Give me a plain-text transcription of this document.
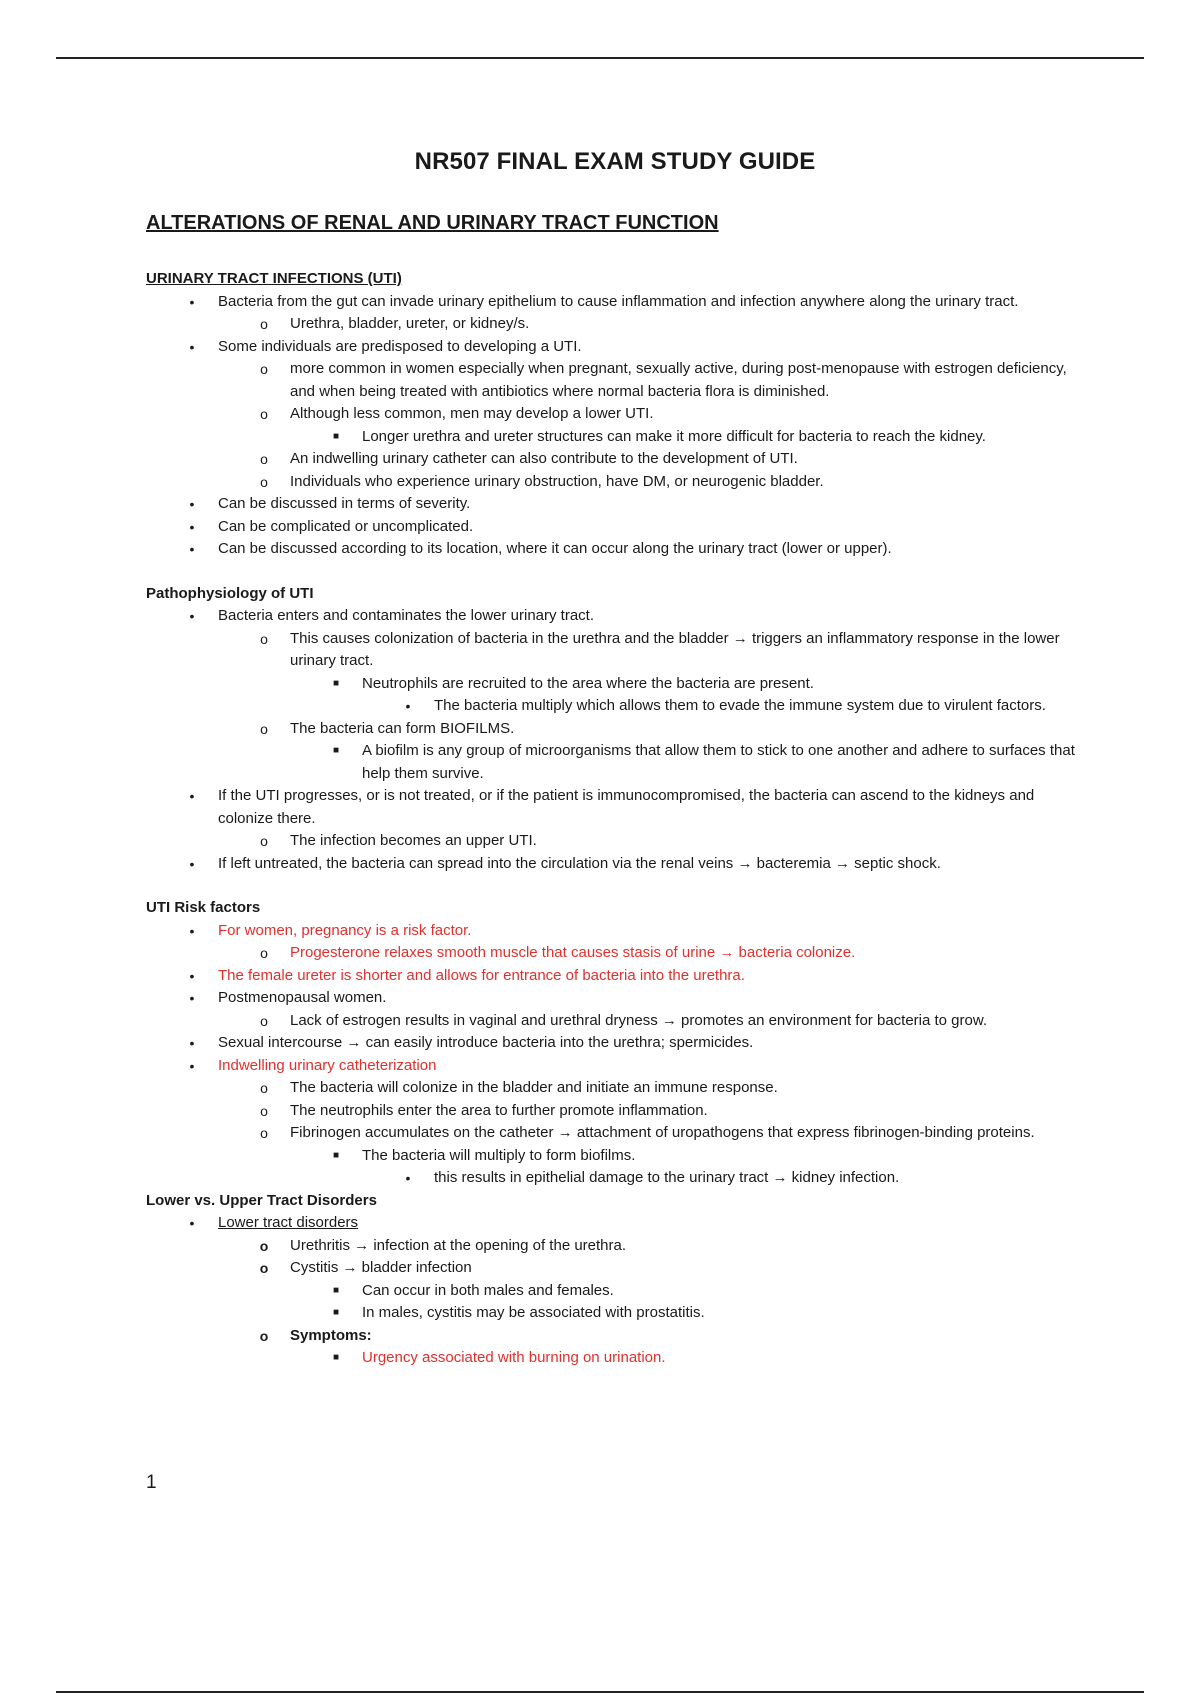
NR507 FINAL EXAM STUDY GUIDE
ALTERATIONS OF RENAL AND URINARY TRACT FUNCTION

URINARY TRACT INFECTIONS (UTI)

•	Bacteria from the gut can invade urinary epithelium to cause inflammation and infection anywhere along the urinary tract.
o	Urethra, bladder, ureter, or kidney/s.
•	Some individuals are predisposed to developing a UTI.
o	more common in women especially when pregnant, sexually active, during post-menopause with estrogen deficiency, and when being treated with antibiotics where normal bacteria flora is diminished.
o	Although less common, men may develop a lower UTI.
■	Longer urethra and ureter structures can make it more difficult for bacteria to reach the kidney.
o	An indwelling urinary catheter can also contribute to the development of UTI.
o	Individuals who experience urinary obstruction, have DM, or neurogenic bladder.
•	Can be discussed in terms of severity.
•	Can be complicated or uncomplicated.
•	Can be discussed according to its location, where it can occur along the urinary tract (lower or upper).

Pathophysiology of UTI

•	Bacteria enters and contaminates the lower urinary tract.
o	This causes colonization of bacteria in the urethra and the bladder → triggers an inflammatory response in the lower urinary tract.
■	Neutrophils are recruited to the area where the bacteria are present.
•	The bacteria multiply which allows them to evade the immune system due to virulent factors.
o	The bacteria can form BIOFILMS.
■	A biofilm is any group of microorganisms that allow them to stick to one another and adhere to surfaces that help them survive.
•	If the UTI progresses, or is not treated, or if the patient is immunocompromised, the bacteria can ascend to the kidneys and colonize there.
o	The infection becomes an upper UTI.
•	If left untreated, the bacteria can spread into the circulation via the renal veins → bacteremia → septic shock.

UTI Risk factors

•	For women, pregnancy is a risk factor.
o	Progesterone relaxes smooth muscle that causes stasis of urine → bacteria colonize.
•	The female ureter is shorter and allows for entrance of bacteria into the urethra.
•	Postmenopausal women.
o	Lack of estrogen results in vaginal and urethral dryness → promotes an environment for bacteria to grow.
•	Sexual intercourse → can easily introduce bacteria into the urethra; spermicides.
•	Indwelling urinary catheterization
o	The bacteria will colonize in the bladder and initiate an immune response.
o	The neutrophils enter the area to further promote inflammation.
o	Fibrinogen accumulates on the catheter → attachment of uropathogens that express fibrinogen-binding proteins.
■	The bacteria will multiply to form biofilms.
•	this results in epithelial damage to the urinary tract → kidney infection.

Lower vs. Upper Tract Disorders

•	Lower tract disorders
o	Urethritis → infection at the opening of the urethra.
o	Cystitis → bladder infection
■	Can occur in both males and females.
■	In males, cystitis may be associated with prostatitis.
o	Symptoms:
■	Urgency associated with burning on urination.

1
